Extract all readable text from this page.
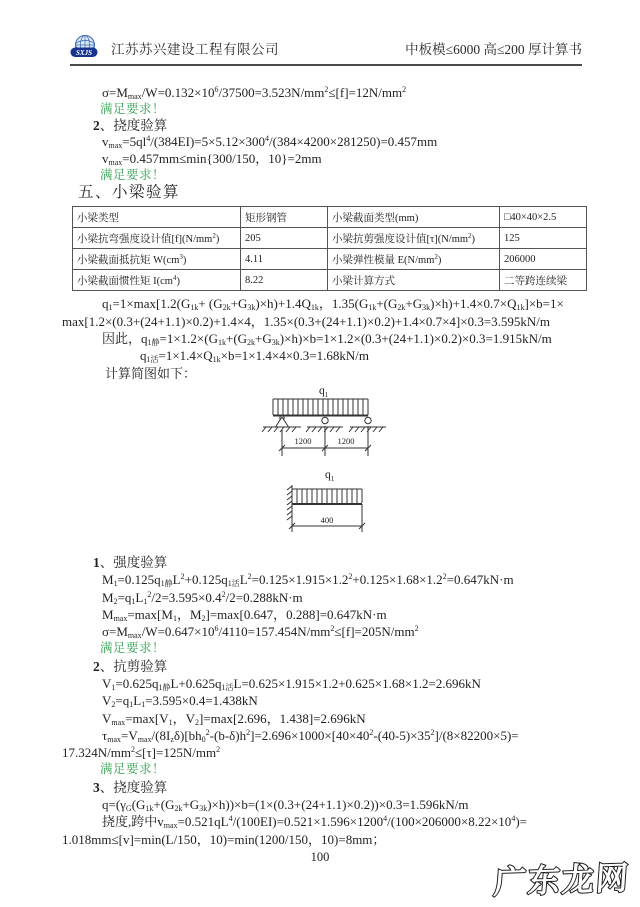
SXJS 江苏苏兴建设工程有限公司	中板模≤6000 高≤200 厚计算书
$\sigma=M_{max}/W=0.132\times 10^6/37500=3.523N/mm^2\le[f]=12N/mm^2$
满足要求！
2、挠度验算
$v_{max}=5ql^4/(384EI)=5\times 5.12\times 300^4/(384\times 4200\times 281250)=0.457mm$
$v_{max}=0.457mm\le\min\{300/150$，10}=2mm
满足要求！
五、小梁验算
小梁类型	矩形钢管	小梁截面类型(mm)	□40×40×2.5
小梁抗弯强度设计值$[f](N/mm^2)$	205	小梁抗剪强度设计值$[\tau](N/mm^2)$	125
小梁截面抵抗矩 $W(cm^3)$	4.11	小梁弹性模量 $E(N/mm^2)$	206000
小梁截面惯性矩 $I(cm^4)$	8.22	小梁计算方式	二等跨连续梁
$q_1=1\times\max[1.2(G_{1k}+ (G_{2k}+G_{3k})\times h)+1.4Q_{1k}$，$1.35(G_{1k}+(G_{2k}+G_{3k})\times h)+1.4\times 0.7\times Q_{1k}]\times b=1\times$
max[1.2×(0.3+(24+1.1)×0.2)+1.4×4，1.35×(0.3+(24+1.1)×0.2)+1.4×0.7×4]×0.3=3.595kN/m
因此，$q_{1静}=1\times 1.2\times(G_{1k}+(G_{2k}+G_{3k})\times h)\times b=1\times 1.2\times(0.3+(24+1.1)\times 0.2)\times 0.3=1.915kN/m$
$q_{1活}=1\times 1.4\times Q_{1k}\times b=1\times 1.4\times 4\times 0.3=1.68kN/m$
计算简图如下：
$q_1$
1200	1200
$q_1$
400
1、强度验算
$M_1=0.125q_{1静}L^2+0.125q_{1活}L^2=0.125\times 1.915\times 1.2^2+0.125\times 1.68\times 1.2^2=0.647kN\cdot m$
$M_2=q_1L_1^2/2=3.595\times 0.4^2/2=0.288kN\cdot m$
$M_{max}=\max[M_1$，$M_2]=\max[0.647$，0.288]=0.647kN·m
$\sigma=M_{max}/W=0.647\times 10^6/4110=157.454N/mm^2\le[f]=205N/mm^2$
满足要求！
2、抗剪验算
$V_1=0.625q_{1静}L+0.625q_{1活}L=0.625\times 1.915\times 1.2+0.625\times 1.68\times 1.2=2.696kN$
$V_2=q_1L_1=3.595\times 0.4=1.438kN$
$V_{max}=\max[V_1$，$V_2]=\max[2.696$，1.438]=2.696kN
$\tau_{max}=V_{max}/(8I_z\delta)[bh_0^2-(b-\delta)h^2]=2.696\times 1000\times[40\times 40^2-(40-5)\times 35^2]/(8\times 82200\times 5)=$
$17.324N/mm^2\le[\tau]=125N/mm^2$
满足要求！
3、挠度验算
$q=(\gamma_G(G_{1k}+(G_{2k}+G_{3k})\times h))\times b=(1\times(0.3+(24+1.1)\times 0.2))\times 0.3=1.596kN/m$
挠度,跨中$v_{max}=0.521qL^4/(100EI)=0.521\times 1.596\times 1200^4/(100\times 206000\times 8.22\times 10^4)=$
1.018mm≤[v]=min(L/150，10)=min(1200/150，10)=8mm；
100
广东龙网
